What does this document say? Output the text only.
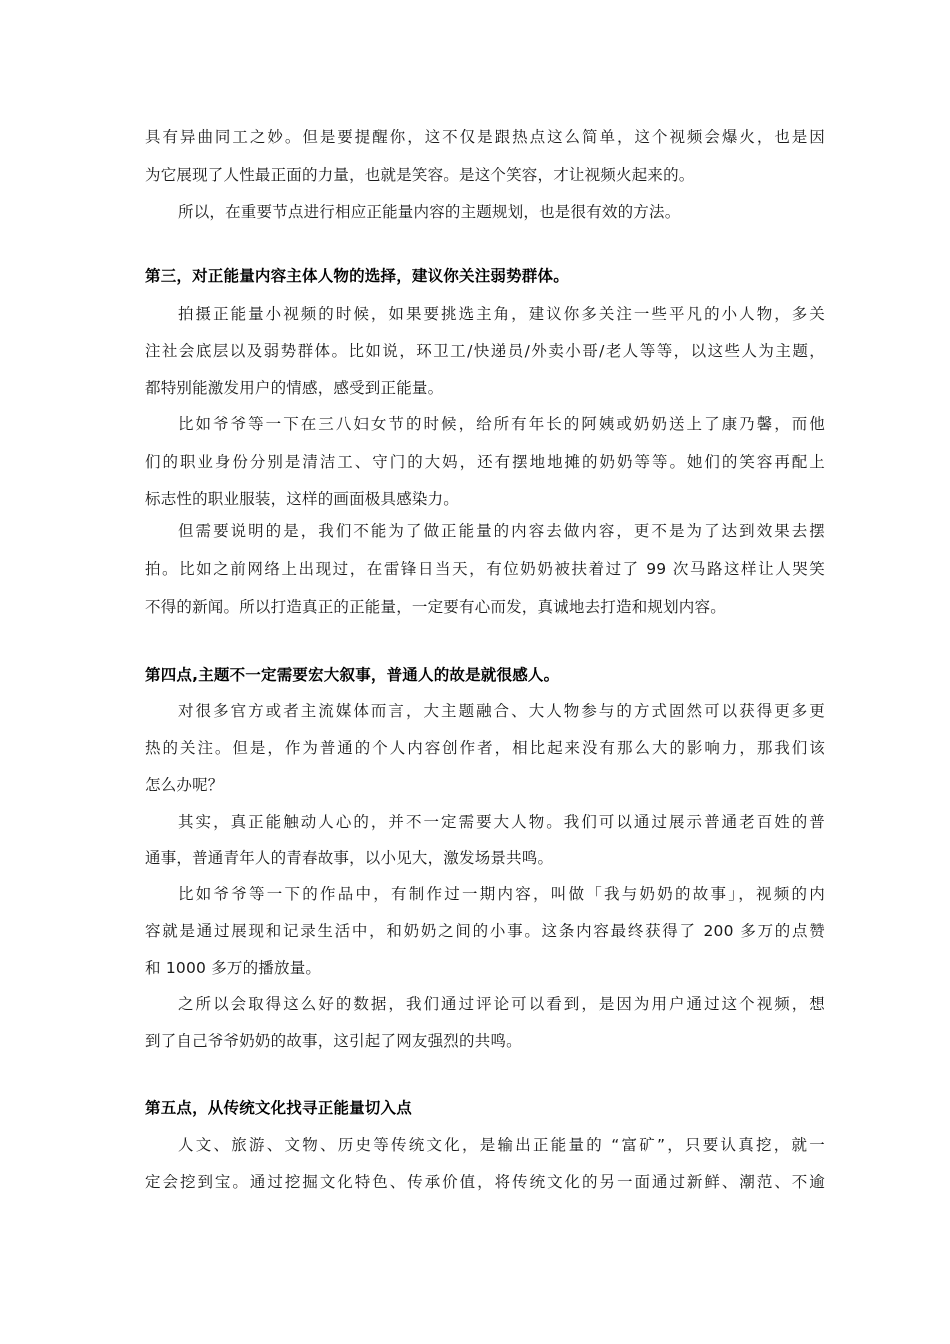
具有异曲同工之妙。但是要提醒你，这不仅是跟热点这么简单，这个视频会爆火，也是因
为它展现了人性最正面的力量，也就是笑容。是这个笑容，才让视频火起来的。
所以，在重要节点进行相应正能量内容的主题规划，也是很有效的方法。
第三，对正能量内容主体人物的选择，建议你关注弱势群体。
拍摄正能量小视频的时候，如果要挑选主角，建议你多关注一些平凡的小人物，多关
注社会底层以及弱势群体。比如说，环卫工/快递员/外卖小哥/老人等等，以这些人为主题，
都特别能激发用户的情感，感受到正能量。
比如爷爷等一下在三八妇女节的时候，给所有年长的阿姨或奶奶送上了康乃馨，而他
们的职业身份分别是清洁工、守门的大妈，还有摆地地摊的奶奶等等。她们的笑容再配上
标志性的职业服装，这样的画面极具感染力。
但需要说明的是，我们不能为了做正能量的内容去做内容，更不是为了达到效果去摆
拍。比如之前网络上出现过，在雷锋日当天，有位奶奶被扶着过了 99 次马路这样让人哭笑
不得的新闻。所以打造真正的正能量，一定要有心而发，真诚地去打造和规划内容。
第四点,主题不一定需要宏大叙事，普通人的故是就很感人。
对很多官方或者主流媒体而言，大主题融合、大人物参与的方式固然可以获得更多更
热的关注。但是，作为普通的个人内容创作者，相比起来没有那么大的影响力，那我们该
怎么办呢？
其实，真正能触动人心的，并不一定需要大人物。我们可以通过展示普通老百姓的普
通事，普通青年人的青春故事，以小见大，激发场景共鸣。
比如爷爷等一下的作品中，有制作过一期内容，叫做「我与奶奶的故事」，视频的内
容就是通过展现和记录生活中，和奶奶之间的小事。这条内容最终获得了 200 多万的点赞
和 1000 多万的播放量。
之所以会取得这么好的数据，我们通过评论可以看到，是因为用户通过这个视频，想
到了自己爷爷奶奶的故事，这引起了网友强烈的共鸣。
第五点，从传统文化找寻正能量切入点
人文、旅游、文物、历史等传统文化，是输出正能量的 “富矿”，只要认真挖，就一
定会挖到宝。通过挖掘文化特色、传承价值，将传统文化的另一面通过新鲜、潮范、不逾
